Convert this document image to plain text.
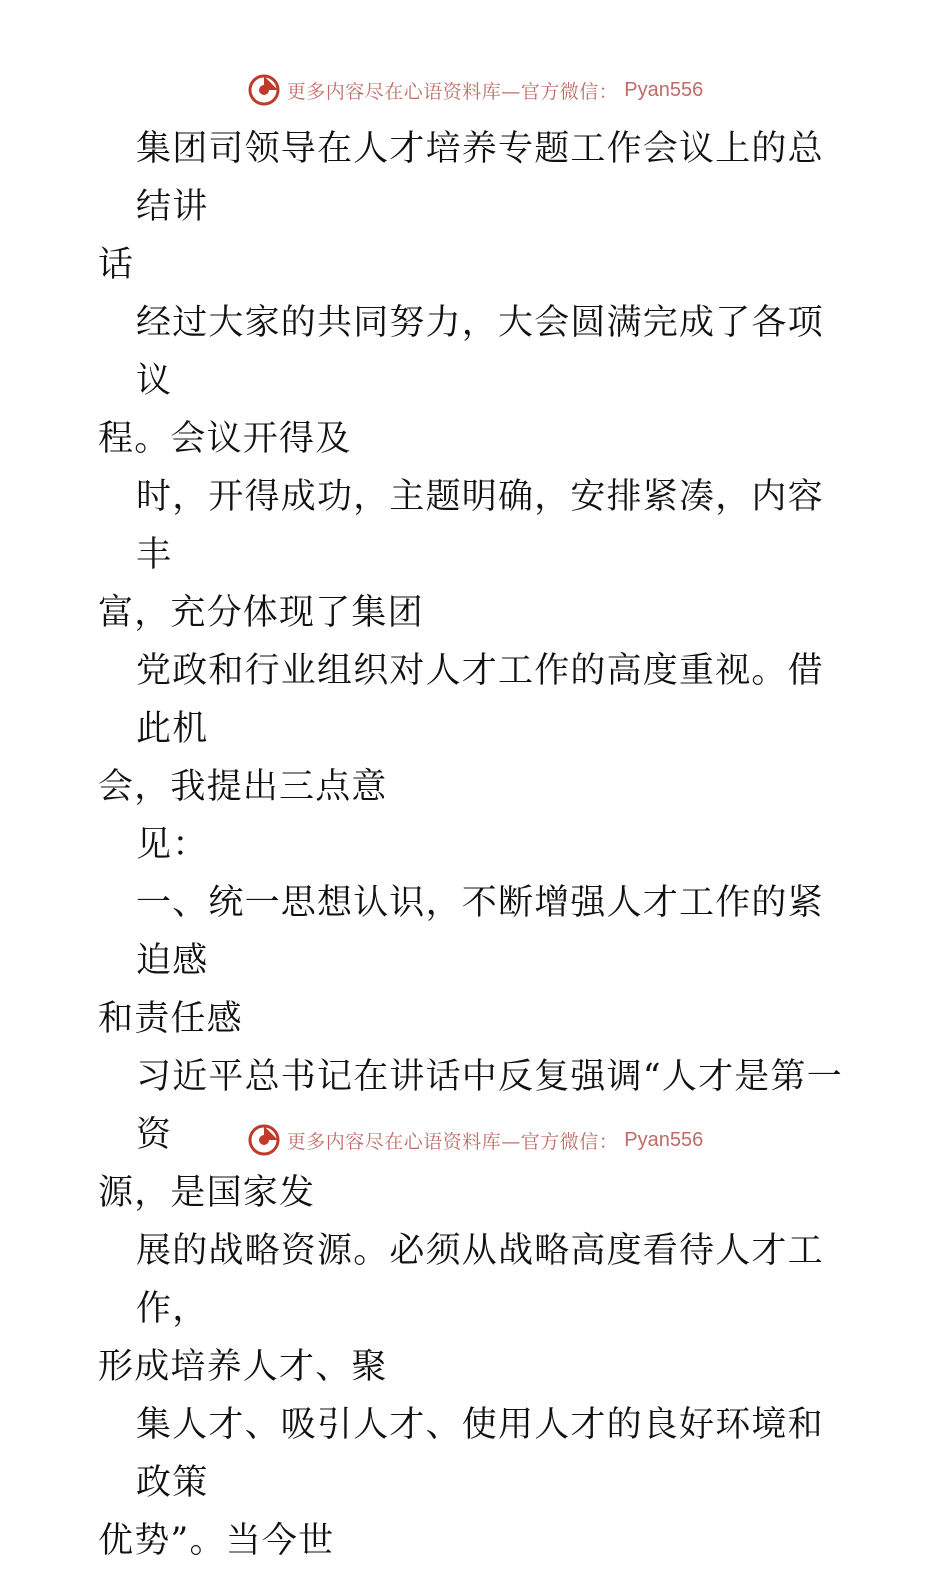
更多内容尽在心语资料库—官方微信： Pyan556
集团司领导在人才培养专题工作会议上的总结讲
话
经过大家的共同努力，大会圆满完成了各项议
程。会议开得及
时，开得成功，主题明确，安排紧凑，内容丰
富，充分体现了集团
党政和行业组织对人才工作的高度重视。借此机
会，我提出三点意
见：
一、统一思想认识，不断增强人才工作的紧迫感
和责任感
习近平总书记在讲话中反复强调“人才是第一资
源，是国家发
展的战略资源。必须从战略高度看待人才工作，
形成培养人才、聚
集人才、吸引人才、使用人才的良好环境和政策
优势”。当今世
更多内容尽在心语资料库—官方微信： Pyan556
